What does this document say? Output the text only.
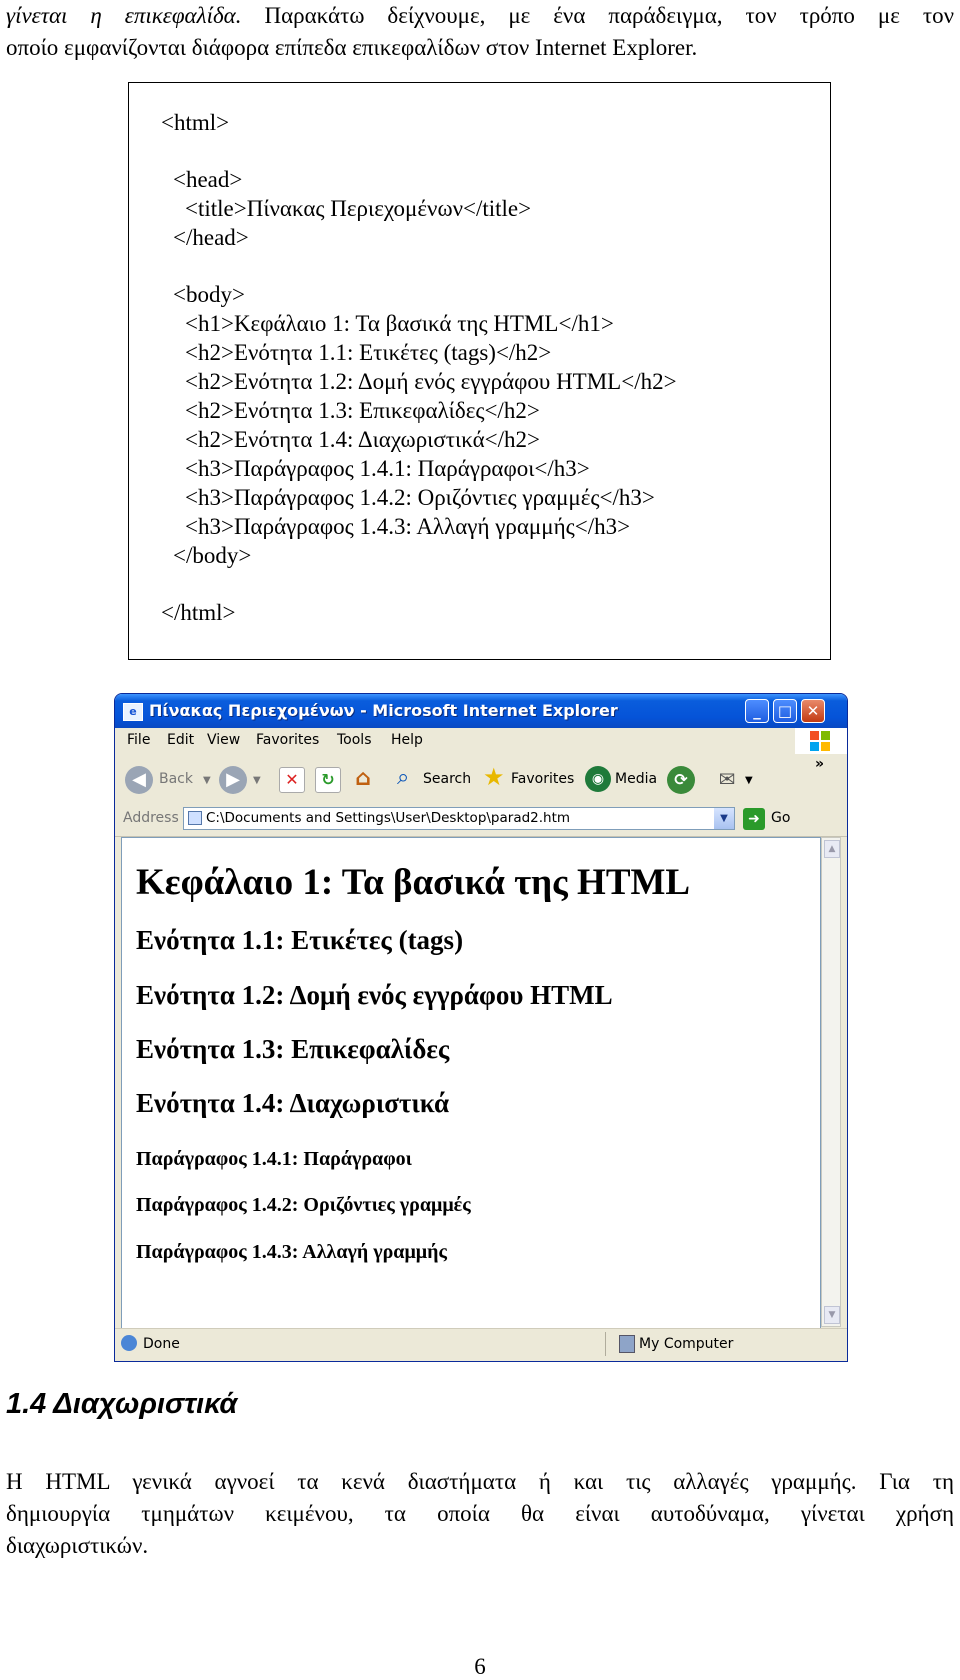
γίνεται η επικεφαλίδα. Παρακάτω δείχνουμε, με ένα παράδειγμα, τον τρόπο με τον
οποίο εμφανίζονται διάφορα επίπεδα επικεφαλίδων στον Internet Explorer.
<html>
<head>
<title>Πίνακας Περιεχομένων</title>
</head>
<body>
<h1>Κεφάλαιο 1: Τα βασικά της HTML</h1>
<h2>Ενότητα 1.1: Ετικέτες (tags)</h2>
<h2>Ενότητα 1.2: Δομή ενός εγγράφου HTML</h2>
<h2>Ενότητα 1.3: Επικεφαλίδες</h2>
<h2>Ενότητα 1.4: Διαχωριστικά</h2>
<h3>Παράγραφος 1.4.1: Παράγραφοι</h3>
<h3>Παράγραφος 1.4.2: Οριζόντιες γραμμές</h3>
<h3>Παράγραφος 1.4.3: Αλλαγή γραμμής</h3>
</body>
</html>
e Πίνακας Περιεχομένων - Microsoft Internet Explorer	_	□ ✕
File Edit View Favorites Tools Help
◀ Back ▼ ▶	▼	✕	↻ ⌂ ⌕ Search ★ Favorites	◉ Media	⟳	✉ ▼
»
Address	C:\Documents and Settings\User\Desktop\parad2.htm	▼	➜ Go
Κεφάλαιο 1: Τα βασικά της HTML
Ενότητα 1.1: Ετικέτες (tags)
Ενότητα 1.2: Δομή ενός εγγράφου HTML
Ενότητα 1.3: Επικεφαλίδες
Ενότητα 1.4: Διαχωριστικά
Παράγραφος 1.4.1: Παράγραφοι
Παράγραφος 1.4.2: Οριζόντιες γραμμές
Παράγραφος 1.4.3: Αλλαγή γραμμής
▲
▼
Done	My Computer
1.4 Διαχωριστικά
Η HTML γενικά αγνοεί τα κενά διαστήματα ή και τις αλλαγές γραμμής. Για τη
δημιουργία τμημάτων κειμένου, τα οποία θα είναι αυτοδύναμα, γίνεται χρήση
διαχωριστικών.
6
